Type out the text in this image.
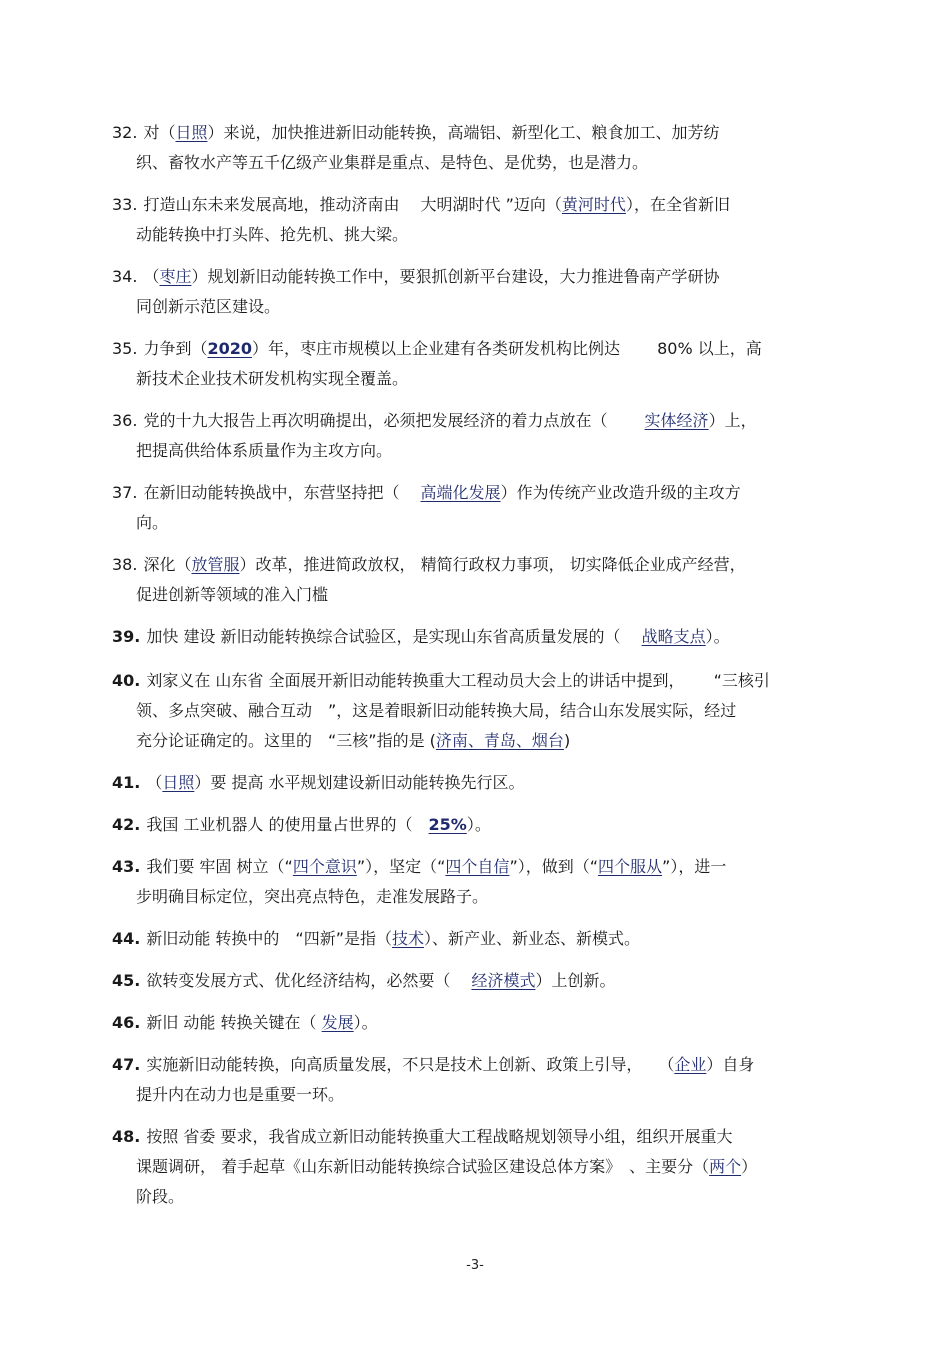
32. 对（日照）来说，加快推进新旧动能转换，高端铝、新型化工、粮食加工、加芳纺
织、畜牧水产等五千亿级产业集群是重点、是特色、是优势，也是潜力。
33. 打造山东未来发展高地，推动济南由　 大明湖时代 ”迈向（黄河时代），在全省新旧
动能转换中打头阵、抢先机、挑大梁。
34. （枣庄）规划新旧动能转换工作中，要狠抓创新平台建设，大力推进鲁南产学研协
同创新示范区建设。
35. 力争到（2020）年，枣庄市规模以上企业建有各类研发机构比例达　　 80% 以上，高
新技术企业技术研发机构实现全覆盖。
36. 党的十九大报告上再次明确提出，必须把发展经济的着力点放在（　　 实体经济）上，
把提高供给体系质量作为主攻方向。
37. 在新旧动能转换战中，东营坚持把（　 高端化发展）作为传统产业改造升级的主攻方
向。
38. 深化（放管服）改革，推进简政放权， 精简行政权力事项， 切实降低企业成产经营，
促进创新等领域的准入门槛
39. 加快 建设 新旧动能转换综合试验区，是实现山东省高质量发展的（　 战略支点）。
40. 刘家义在 山东省 全面展开新旧动能转换重大工程动员大会上的讲话中提到，　　 “三核引
领、多点突破、融合互动　”，这是着眼新旧动能转换大局，结合山东发展实际，经过
充分论证确定的。这里的　“三核”指的是 (济南、青岛、烟台)
41. （日照）要 提高 水平规划建设新旧动能转换先行区。
42. 我国 工业机器人 的使用量占世界的（　25%）。
43. 我们要 牢固 树立（“四个意识”），坚定（“四个自信”），做到（“四个服从”），进一
步明确目标定位，突出亮点特色，走准发展路子。
44. 新旧动能 转换中的　“四新”是指（技术）、新产业、新业态、新模式。
45. 欲转变发展方式、优化经济结构，必然要（　 经济模式）上创新。
46. 新旧 动能 转换关键在（ 发展）。
47. 实施新旧动能转换，向高质量发展，不只是技术上创新、政策上引导，　　（企业）自身
提升内在动力也是重要一环。
48. 按照 省委 要求，我省成立新旧动能转换重大工程战略规划领导小组，组织开展重大
课题调研， 着手起草《山东新旧动能转换综合试验区建设总体方案》　、主要分（两个）
阶段。
-3-
